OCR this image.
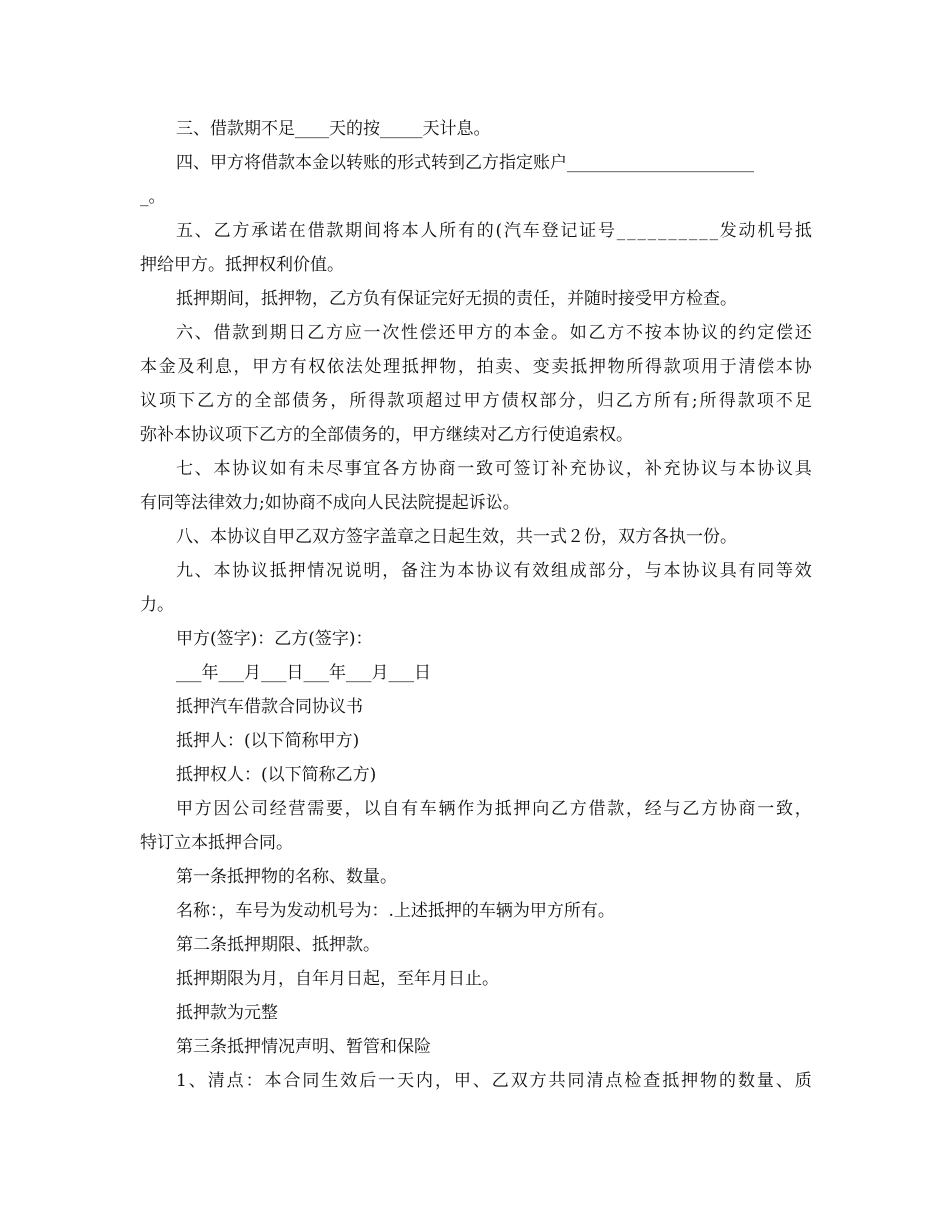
三、借款期不足____天的按_____天计息。
四、甲方将借款本金以转账的形式转到乙方指定账户______________________
_。
五 、 乙 方 承 诺 在 借 款 期 间 将 本 人 所 有 的 ( 汽 车 登 记 证 号 _ _ _ _ _ _ _ _ _ _ 发 动 机 号 抵
押给甲方。抵押权利价值。
抵押期间，抵押物，乙方负有保证完好无损的责任，并随时接受甲方检查。
六 、 借 款 到 期 日 乙 方 应 一 次 性 偿 还 甲 方 的 本 金 。 如 乙 方 不 按 本 协 议 的 约 定 偿 还
本 金 及 利 息 ， 甲 方 有 权 依 法 处 理 抵 押 物 ， 拍 卖 、 变 卖 抵 押 物 所 得 款 项 用 于 清 偿 本 协
议 项 下 乙 方 的 全 部 债 务 ， 所 得 款 项 超 过 甲 方 债 权 部 分 ， 归 乙 方 所 有 ; 所 得 款 项 不 足
弥补本协议项下乙方的全部债务的，甲方继续对乙方行使追索权。
七 、 本 协 议 如 有 未 尽 事 宜 各 方 协 商 一 致 可 签 订 补 充 协 议 ， 补 充 协 议 与 本 协 议 具
有同等法律效力;如协商不成向人民法院提起诉讼。
八、本协议自甲乙双方签字盖章之日起生效，共一式２份，双方各执一份。
九 、 本 协 议 抵 押 情 况 说 明 ， 备 注 为 本 协 议 有 效 组 成 部 分 ， 与 本 协 议 具 有 同 等 效
力。
甲方(签字)：乙方(签字)：
___年___月___日___年___月___日
抵押汽车借款合同协议书
抵押人：(以下简称甲方)
抵押权人：(以下简称乙方)
甲 方 因 公 司 经 营 需 要 ， 以 自 有 车 辆 作 为 抵 押 向 乙 方 借 款 ， 经 与 乙 方 协 商 一 致 ，
特订立本抵押合同。
第一条抵押物的名称、数量。
名称：，车号为发动机号为：.上述抵押的车辆为甲方所有。
第二条抵押期限、抵押款。
抵押期限为月，自年月日起，至年月日止。
抵押款为元整
第三条抵押情况声明、暂管和保险
1 、 清 点 ： 本 合 同 生 效 后 一 天 内 ， 甲 、 乙 双 方 共 同 清 点 检 查 抵 押 物 的 数 量 、 质
